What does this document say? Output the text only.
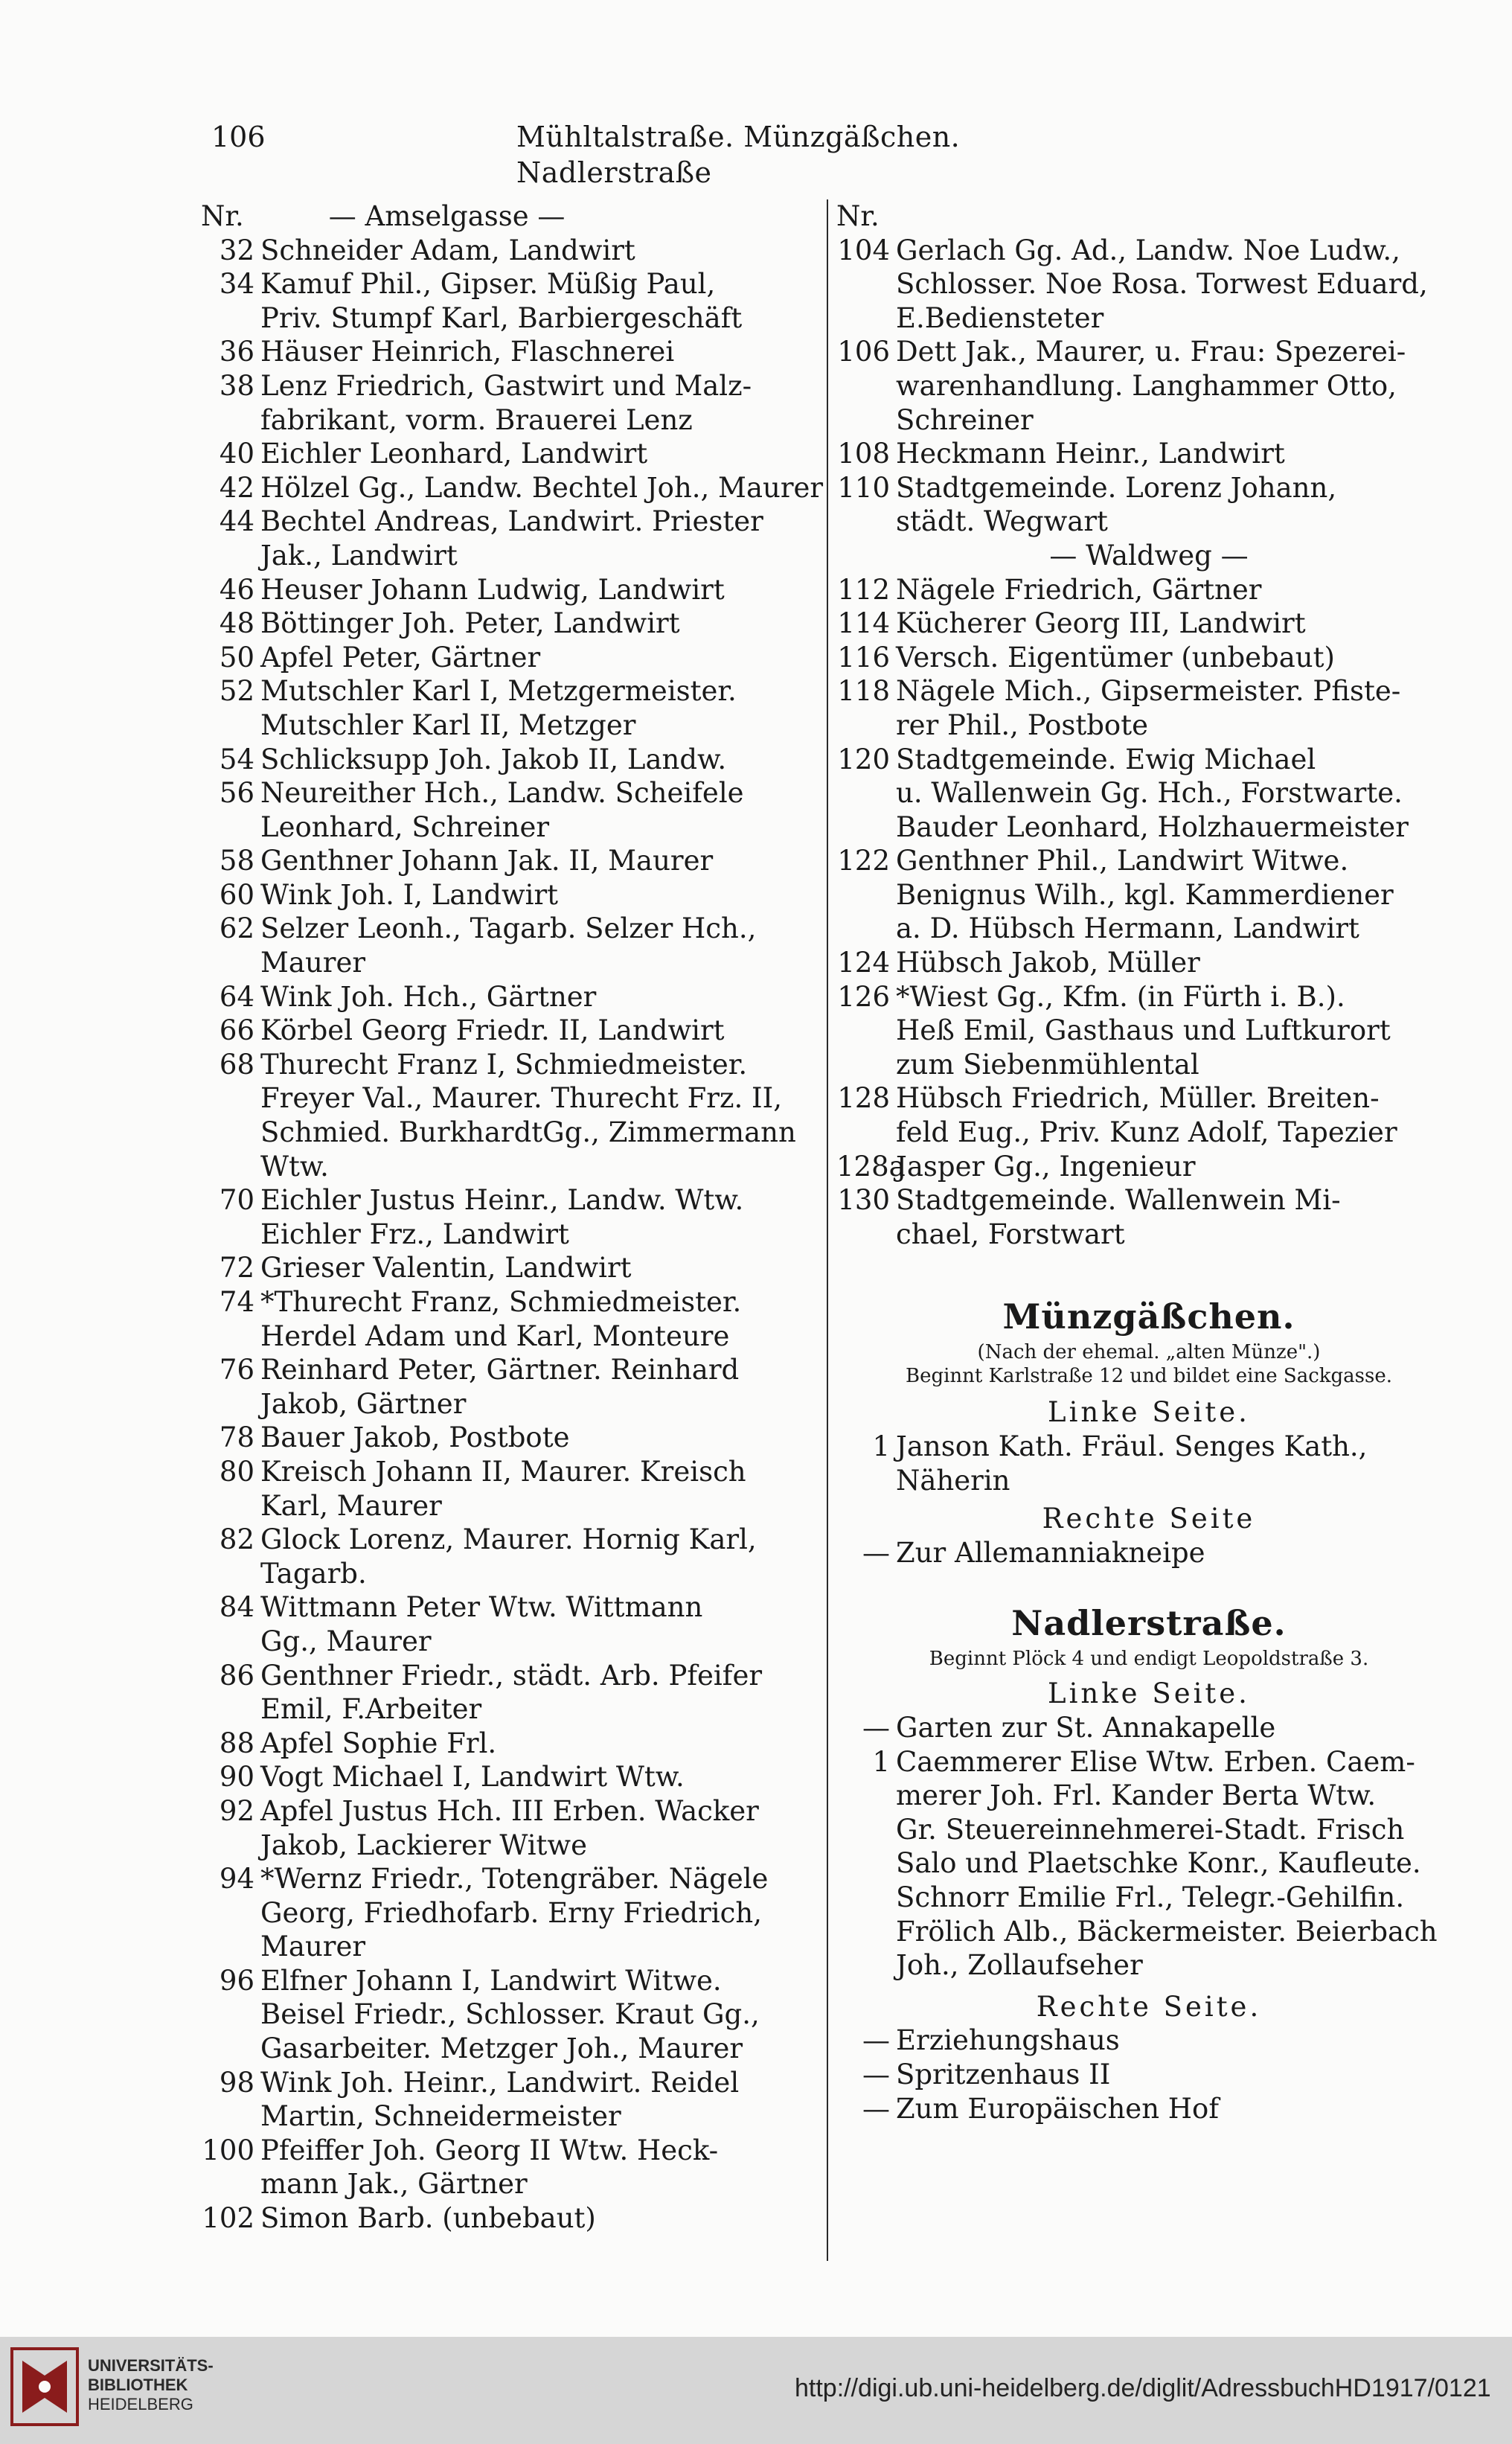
106	Mühltalstraße. Münzgäßchen. Nadlerstraße
Nr.	— Amselgasse —
32 Schneider Adam, Landwirt
34 Kamuf Phil., Gipser. Müßig Paul,
Priv. Stumpf Karl, Barbiergeschäft
36 Häuser Heinrich, Flaschnerei
38 Lenz Friedrich, Gastwirt und Malz-
fabrikant, vorm. Brauerei Lenz
40 Eichler Leonhard, Landwirt
42 Hölzel Gg., Landw. Bechtel Joh., Maurer
44 Bechtel Andreas, Landwirt. Priester
Jak., Landwirt
46 Heuser Johann Ludwig, Landwirt
48 Böttinger Joh. Peter, Landwirt
50 Apfel Peter, Gärtner
52 Mutschler Karl I, Metzgermeister.
Mutschler Karl II, Metzger
54 Schlicksupp Joh. Jakob II, Landw.
56 Neureither Hch., Landw. Scheifele
Leonhard, Schreiner
58 Genthner Johann Jak. II, Maurer
60 Wink Joh. I, Landwirt
62 Selzer Leonh., Tagarb. Selzer Hch.,
Maurer
64 Wink Joh. Hch., Gärtner
66 Körbel Georg Friedr. II, Landwirt
68 Thurecht Franz I, Schmiedmeister.
Freyer Val., Maurer. Thurecht Frz. II,
Schmied. BurkhardtGg., Zimmermann
Wtw.
70 Eichler Justus Heinr., Landw. Wtw.
Eichler Frz., Landwirt
72 Grieser Valentin, Landwirt
74 *Thurecht Franz, Schmiedmeister.
Herdel Adam und Karl, Monteure
76 Reinhard Peter, Gärtner. Reinhard
Jakob, Gärtner
78 Bauer Jakob, Postbote
80 Kreisch Johann II, Maurer. Kreisch
Karl, Maurer
82 Glock Lorenz, Maurer. Hornig Karl,
Tagarb.
84 Wittmann Peter Wtw. Wittmann
Gg., Maurer
86 Genthner Friedr., städt. Arb. Pfeifer
Emil, F.Arbeiter
88 Apfel Sophie Frl.
90 Vogt Michael I, Landwirt Wtw.
92 Apfel Justus Hch. III Erben. Wacker
Jakob, Lackierer Witwe
94 *Wernz Friedr., Totengräber. Nägele
Georg, Friedhofarb. Erny Friedrich,
Maurer
96 Elfner Johann I, Landwirt Witwe.
Beisel Friedr., Schlosser. Kraut Gg.,
Gasarbeiter. Metzger Joh., Maurer
98 Wink Joh. Heinr., Landwirt. Reidel
Martin, Schneidermeister
100 Pfeiffer Joh. Georg II Wtw. Heck-
mann Jak., Gärtner
102 Simon Barb. (unbebaut)
Nr.
104 Gerlach Gg. Ad., Landw. Noe Ludw.,
Schlosser. Noe Rosa. Torwest Eduard,
E.Bediensteter
106 Dett Jak., Maurer, u. Frau: Spezerei-
warenhandlung. Langhammer Otto,
Schreiner
108 Heckmann Heinr., Landwirt
110 Stadtgemeinde. Lorenz Johann,
städt. Wegwart
— Waldweg —
112 Nägele Friedrich, Gärtner
114 Kücherer Georg III, Landwirt
116 Versch. Eigentümer (unbebaut)
118 Nägele Mich., Gipsermeister. Pfiste-
rer Phil., Postbote
120 Stadtgemeinde. Ewig Michael
u. Wallenwein Gg. Hch., Forstwarte.
Bauder Leonhard, Holzhauermeister
122 Genthner Phil., Landwirt Witwe.
Benignus Wilh., kgl. Kammerdiener
a. D. Hübsch Hermann, Landwirt
124 Hübsch Jakob, Müller
126 *Wiest Gg., Kfm. (in Fürth i. B.).
Heß Emil, Gasthaus und Luftkurort
zum Siebenmühlental
128 Hübsch Friedrich, Müller. Breiten-
feld Eug., Priv. Kunz Adolf, Tapezier
128a
Jasper Gg., Ingenieur
130 Stadtgemeinde. Wallenwein Mi-
chael, Forstwart
Münzgäßchen.
(Nach der ehemal. „alten Münze".)
Beginnt Karlstraße 12 und bildet eine Sackgasse.
Linke Seite.
1 Janson Kath. Fräul. Senges Kath.,
Näherin
Rechte Seite
— Zur Allemanniakneipe
Nadlerstraße.
Beginnt Plöck 4 und endigt Leopoldstraße 3.
Linke Seite.
— Garten zur St. Annakapelle
1 Caemmerer Elise Wtw. Erben. Caem-
merer Joh. Frl. Kander Berta Wtw.
Gr. Steuereinnehmerei-Stadt. Frisch
Salo und Plaetschke Konr., Kaufleute.
Schnorr Emilie Frl., Telegr.-Gehilfin.
Frölich Alb., Bäckermeister. Beierbach
Joh., Zollaufseher
Rechte Seite.
— Erziehungshaus
— Spritzenhaus II
— Zum Europäischen Hof
UNIVERSITÄTS-
BIBLIOTHEK
HEIDELBERG
http://digi.ub.uni-heidelberg.de/diglit/AdressbuchHD1917/0121
